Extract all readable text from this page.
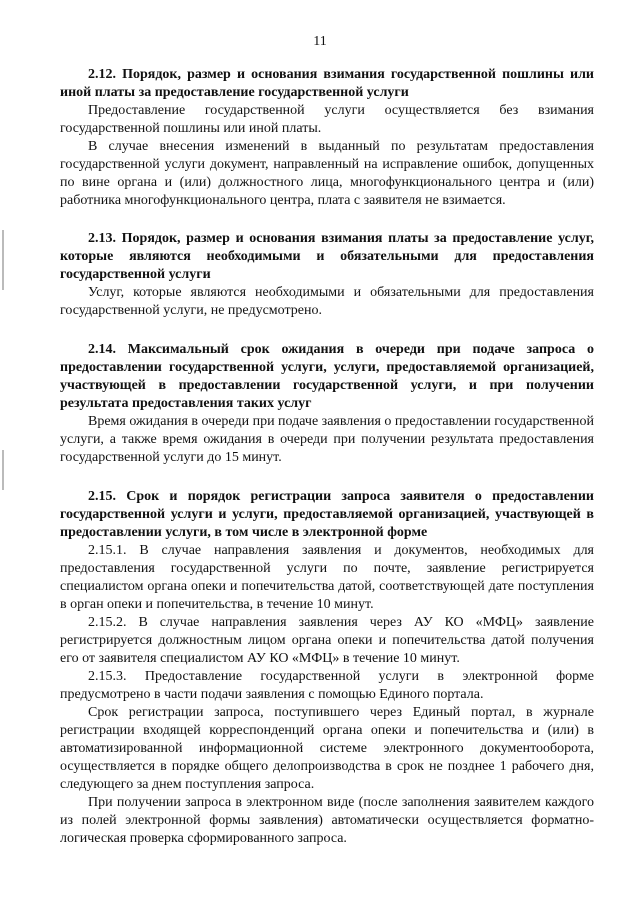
11
2.12. Порядок, размер и основания взимания государственной пошлины или иной платы за предоставление государственной услуги

Предоставление государственной услуги осуществляется без взимания государственной пошлины или иной платы.

В случае внесения изменений в выданный по результатам предоставления государственной услуги документ, направленный на исправление ошибок, допущенных по вине органа и (или) должностного лица, многофункционального центра и (или) работника многофункционального центра, плата с заявителя не взимается.

2.13. Порядок, размер и основания взимания платы за предоставление услуг, которые являются необходимыми и обязательными для предоставления государственной услуги

Услуг, которые являются необходимыми и обязательными для предоставления государственной услуги, не предусмотрено.

2.14. Максимальный срок ожидания в очереди при подаче запроса о предоставлении государственной услуги, услуги, предоставляемой организацией, участвующей в предоставлении государственной услуги, и при получении результата предоставления таких услуг

Время ожидания в очереди при подаче заявления о предоставлении государственной услуги, а также время ожидания в очереди при получении результата предоставления государственной услуги до 15 минут.

2.15. Срок и порядок регистрации запроса заявителя о предоставлении государственной услуги и услуги, предоставляемой организацией, участвующей в предоставлении услуги, в том числе в электронной форме

2.15.1. В случае направления заявления и документов, необходимых для предоставления государственной услуги по почте, заявление регистрируется специалистом органа опеки и попечительства датой, соответствующей дате поступления в орган опеки и попечительства, в течение 10 минут.

2.15.2. В случае направления заявления через АУ КО «МФЦ» заявление регистрируется должностным лицом органа опеки и попечительства датой получения его от заявителя специалистом АУ КО «МФЦ» в течение 10 минут.

2.15.3. Предоставление государственной услуги в электронной форме предусмотрено в части подачи заявления с помощью Единого портала.

Срок регистрации запроса, поступившего через Единый портал, в журнале регистрации входящей корреспонденций органа опеки и попечительства и (или) в автоматизированной информационной системе электронного документооборота, осуществляется в порядке общего делопроизводства в срок не позднее 1 рабочего дня, следующего за днем поступления запроса.

При получении запроса в электронном виде (после заполнения заявителем каждого из полей электронной формы заявления) автоматически осуществляется форматно-логическая проверка сформированного запроса.
